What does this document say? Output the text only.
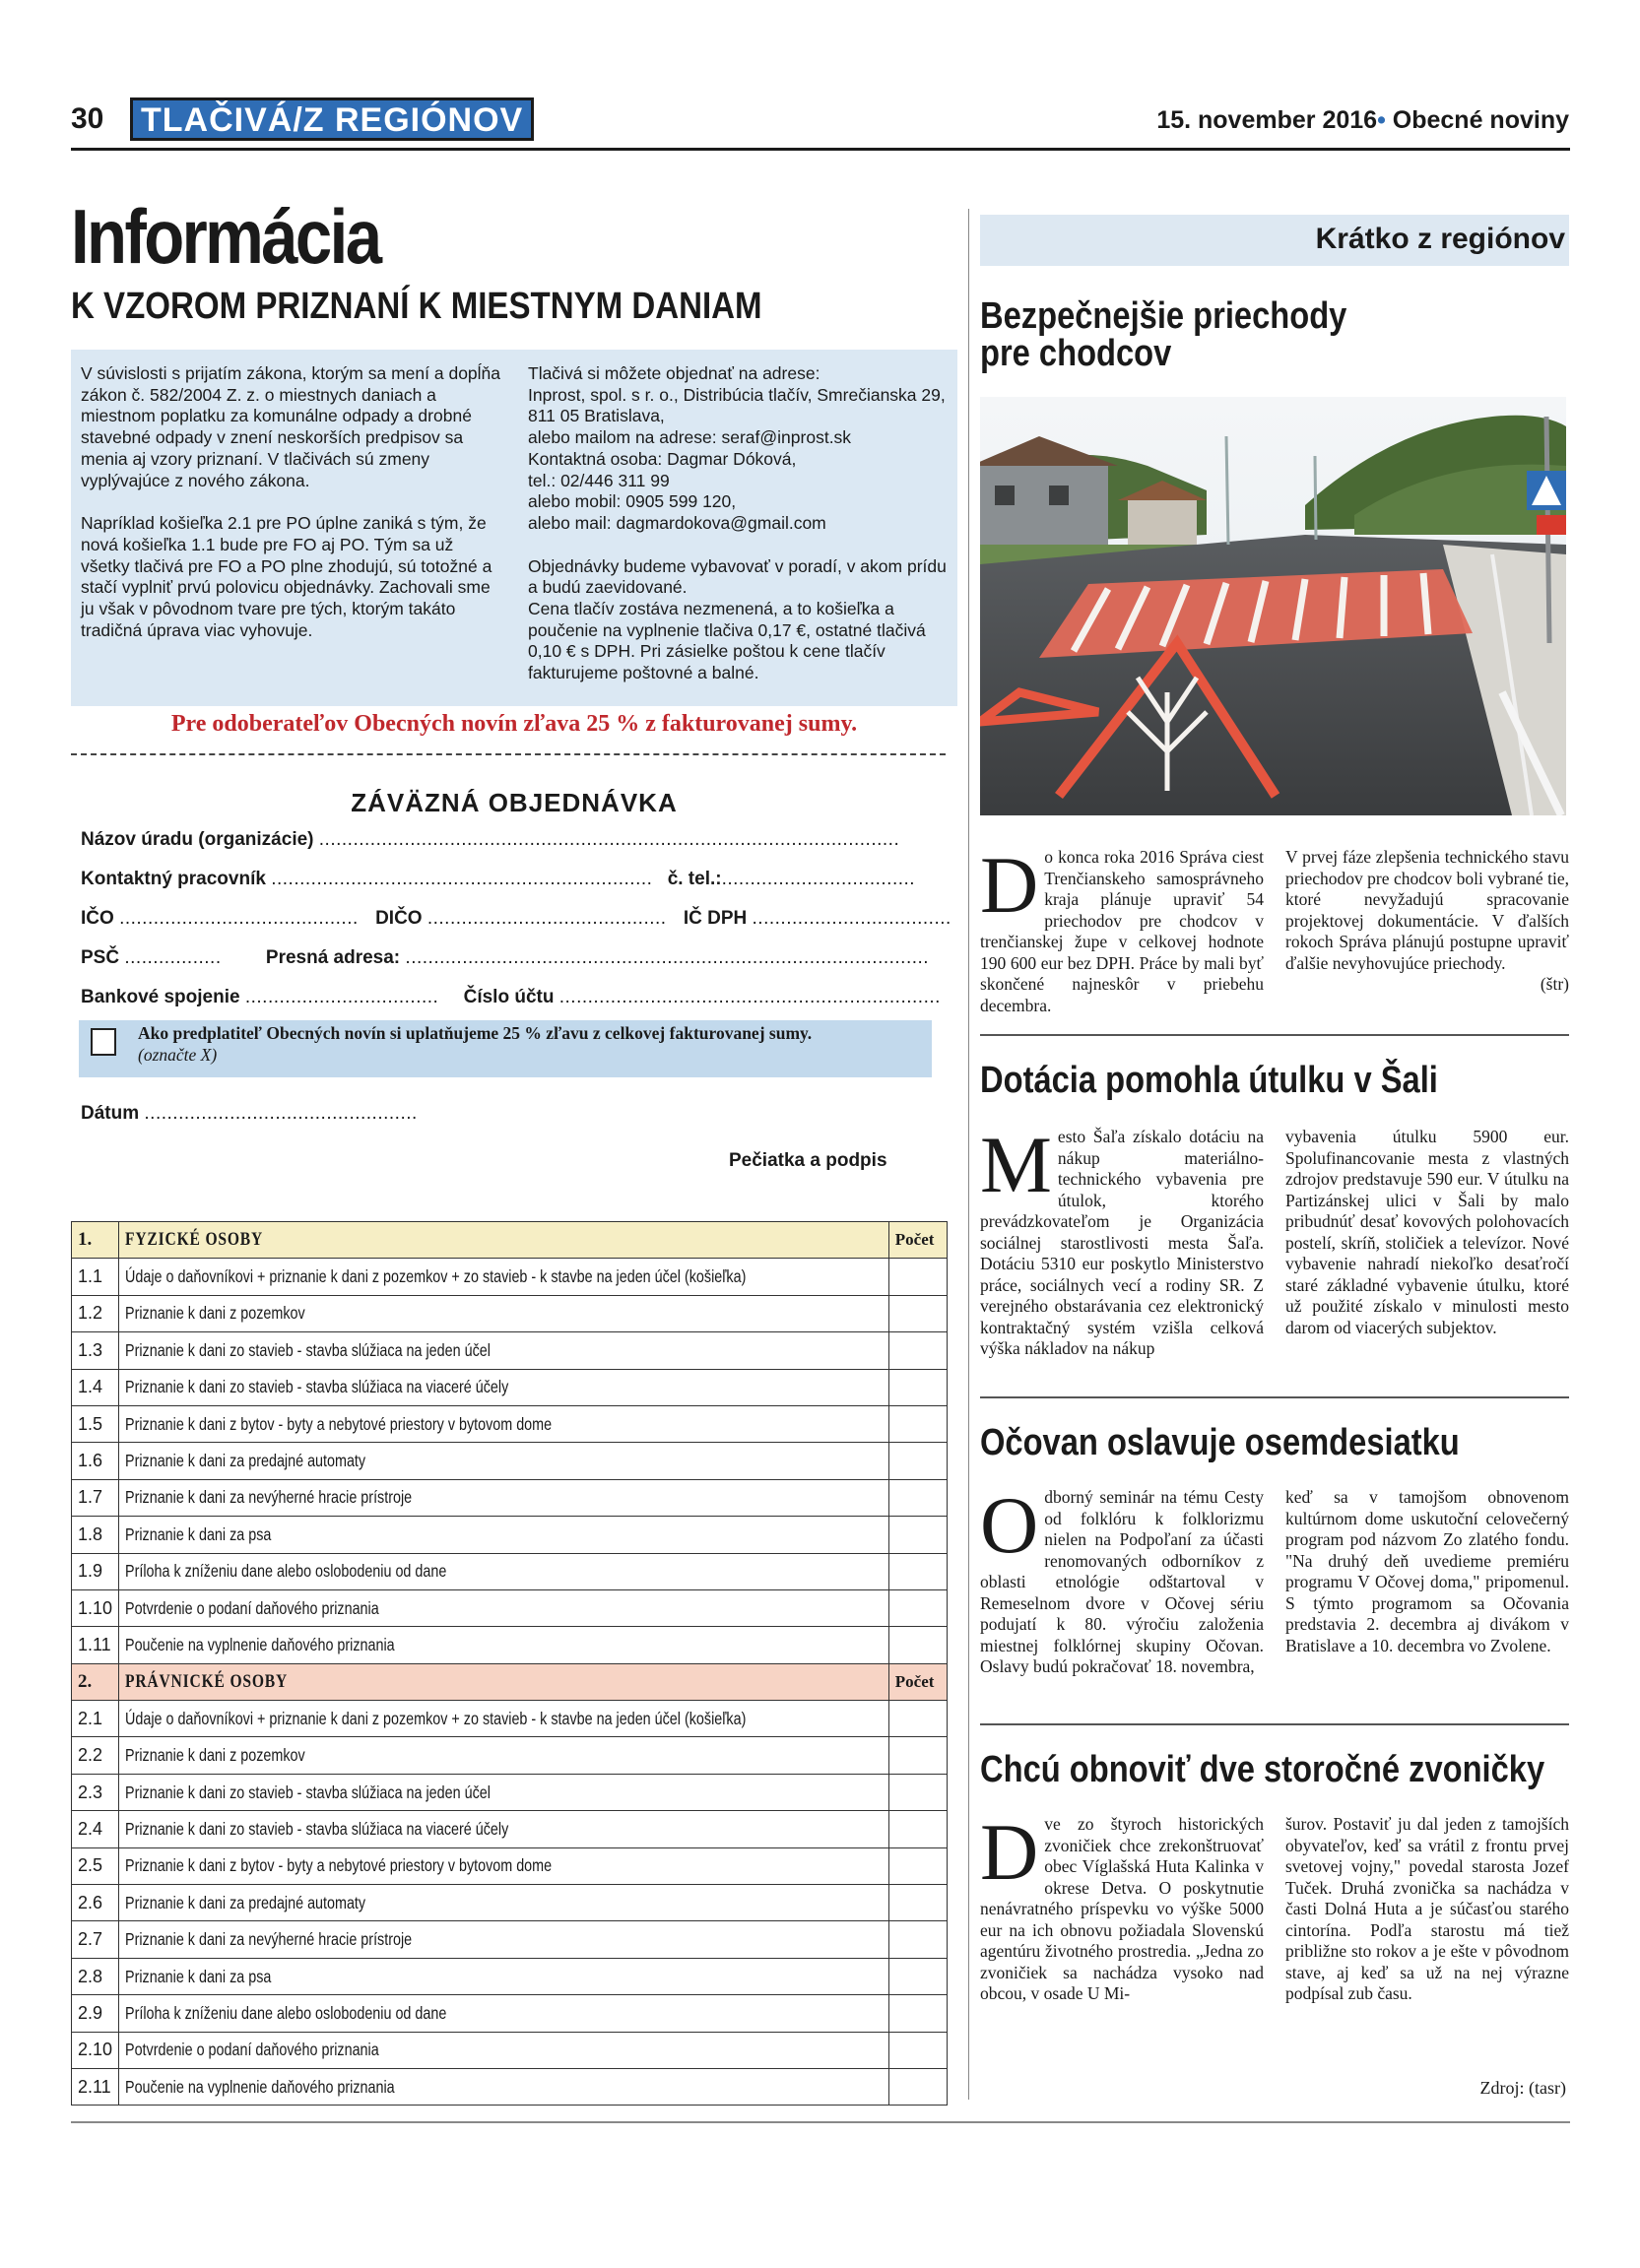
30	TLAČIVÁ/Z REGIÓNOV	15. november 2016• Obecné noviny
Informácia
K VZOROM PRIZNANÍ K MIESTNYM DANIAM

V súvislosti s prijatím zákona, ktorým sa mení a dopĺňa zákon č. 582/2004 Z. z. o miestnych daniach a miestnom poplatku za komunálne odpady a drobné stavebné odpady v znení neskorších predpisov sa menia aj vzory priznaní. V tlačivách sú zmeny vyplývajúce z nového zákona.

Napríklad košieľka 2.1 pre PO úplne zaniká s tým, že nová košieľka 1.1 bude pre FO aj PO. Tým sa už všetky tlačivá pre FO a PO plne zhodujú, sú totožné a stačí vyplniť prvú polovicu objednávky. Zachovali sme ju však v pôvodnom tvare pre tých, ktorým takáto tradičná úprava viac vyhovuje.

Tlačivá si môžete objednať na adrese:

Inprost, spol. s r. o., Distribúcia tlačív, Smrečianska 29, 811 05 Bratislava,

alebo mailom na adrese: seraf@inprost.sk

Kontaktná osoba: Dagmar Dóková,

tel.: 02/446 311 99

alebo mobil: 0905 599 120,

alebo mail: dagmardokova@gmail.com

Objednávky budeme vybavovať v poradí, v akom prídu a budú zaevidované.

Cena tlačív zostáva nezmenená, a to košieľka a poučenie na vyplnenie tlačiva 0,17 €, ostatné tlačivá 0,10 € s DPH. Pri zásielke poštou k cene tlačív fakturujeme poštovné a balné.

Pre odoberateľov Obecných novín zľava 25 % z fakturovanej sumy.
ZÁVÄZNÁ OBJEDNÁVKA
Názov úradu (organizácie) ......................................................................................................
Kontaktný pracovník ................................................................... č. tel.:..................................
IČO .......................................... DIČO .......................................... IČ DPH ...................................
PSČ ................. Presná adresa: ............................................................................................
Bankové spojenie .................................. Číslo účtu ...................................................................
Ako predplatiteľ Obecných novín si uplatňujeme 25 % zľavu z celkovej fakturovanej sumy.
(označte X)
Dátum ................................................
Pečiatka a podpis
1.	FYZICKÉ OSOBY	Počet
1.1	Údaje o daňovníkovi + priznanie k dani z pozemkov + zo stavieb - k stavbe na jeden účel (košieľka)	
1.2	Priznanie k dani z pozemkov	
1.3	Priznanie k dani zo stavieb - stavba slúžiaca na jeden účel	
1.4	Priznanie k dani zo stavieb - stavba slúžiaca na viaceré účely	
1.5	Priznanie k dani z bytov - byty a nebytové priestory v bytovom dome	
1.6	Priznanie k dani za predajné automaty	
1.7	Priznanie k dani za nevýherné hracie prístroje	
1.8	Priznanie k dani za psa	
1.9	Príloha k zníženiu dane alebo oslobodeniu od dane	
1.10	Potvrdenie o podaní daňového priznania	
1.11	Poučenie na vyplnenie daňového priznania	
2.	PRÁVNICKÉ OSOBY	Počet
2.1	Údaje o daňovníkovi + priznanie k dani z pozemkov + zo stavieb - k stavbe na jeden účel (košieľka)	
2.2	Priznanie k dani z pozemkov	
2.3	Priznanie k dani zo stavieb - stavba slúžiaca na jeden účel	
2.4	Priznanie k dani zo stavieb - stavba slúžiaca na viaceré účely	
2.5	Priznanie k dani z bytov - byty a nebytové priestory v bytovom dome	
2.6	Priznanie k dani za predajné automaty	
2.7	Priznanie k dani za nevýherné hracie prístroje	
2.8	Priznanie k dani za psa	
2.9	Príloha k zníženiu dane alebo oslobodeniu od dane	
2.10	Potvrdenie o podaní daňového priznania	
2.11	Poučenie na vyplnenie daňového priznania	
Krátko z regiónov
Bezpečnejšie priechody
pre chodcov
Do konca roka 2016 Správa ciest Trenčianskeho samosprávneho kraja plánuje upraviť 54 priechodov pre chodcov v trenčianskej župe v celkovej hodnote 190 600 eur bez DPH. Práce by mali byť skončené najneskôr v priebehu decembra.
V prvej fáze zlepšenia technického stavu priechodov pre chodcov boli vybrané tie, ktoré nevyžadujú spracovanie projektovej dokumentácie. V ďalších rokoch Správa plánujú postupne upraviť ďalšie nevyhovujúce priechody.
(štr)
Dotácia pomohla útulku v Šali
Mesto Šaľa získalo dotáciu na nákup materiálno-technického vybavenia pre útulok, ktorého prevádzkovateľom je Organizácia sociálnej starostlivosti mesta Šaľa. Dotáciu 5310 eur poskytlo Ministerstvo práce, sociálnych vecí a rodiny SR. Z verejného obstarávania cez elektronický kontraktačný systém vzišla celková výška nákladov na nákup
vybavenia útulku 5900 eur. Spolufinancovanie mesta z vlastných zdrojov predstavuje 590 eur. V útulku na Partizánskej ulici v Šali by malo pribudnúť desať kovových polohovacích postelí, skríň, stoličiek a televízor. Nové vybavenie nahradí niekoľko desaťročí staré základné vybavenie útulku, ktoré už použité získalo v minulosti mesto darom od viacerých subjektov.
Očovan oslavuje osemdesiatku
Odborný seminár na tému Cesty od folklóru k folklorizmu nielen na Podpoľaní za účasti renomovaných odborníkov z oblasti etnológie odštartoval v Remeselnom dvore v Očovej sériu podujatí k 80. výročiu založenia miestnej folklórnej skupiny Očovan. Oslavy budú pokračovať 18. novembra,
keď sa v tamojšom obnovenom kultúrnom dome uskutoční celovečerný program pod názvom Zo zlatého fondu. "Na druhý deň uvedieme premiéru programu V Očovej doma," pripomenul. S týmto programom sa Očovania predstavia 2. decembra aj divákom v Bratislave a 10. decembra vo Zvolene.
Chcú obnoviť dve storočné zvoničky
Dve zo štyroch historických zvoničiek chce zrekonštruovať obec Víglašská Huta Kalinka v okrese Detva. O poskytnutie nenávratného príspevku vo výške 5000 eur na ich obnovu požiadala Slovenskú agentúru životného prostredia. „Jedna zo zvoničiek sa nachádza vysoko nad obcou, v osade U Mi-
šurov. Postaviť ju dal jeden z tamojších obyvateľov, keď sa vrátil z frontu prvej svetovej vojny," povedal starosta Jozef Tuček. Druhá zvonička sa nachádza v časti Dolná Huta a je súčasťou starého cintorína. Podľa starostu má tiež približne sto rokov a je ešte v pôvodnom stave, aj keď sa už na nej výrazne podpísal zub času.
Zdroj: (tasr)
